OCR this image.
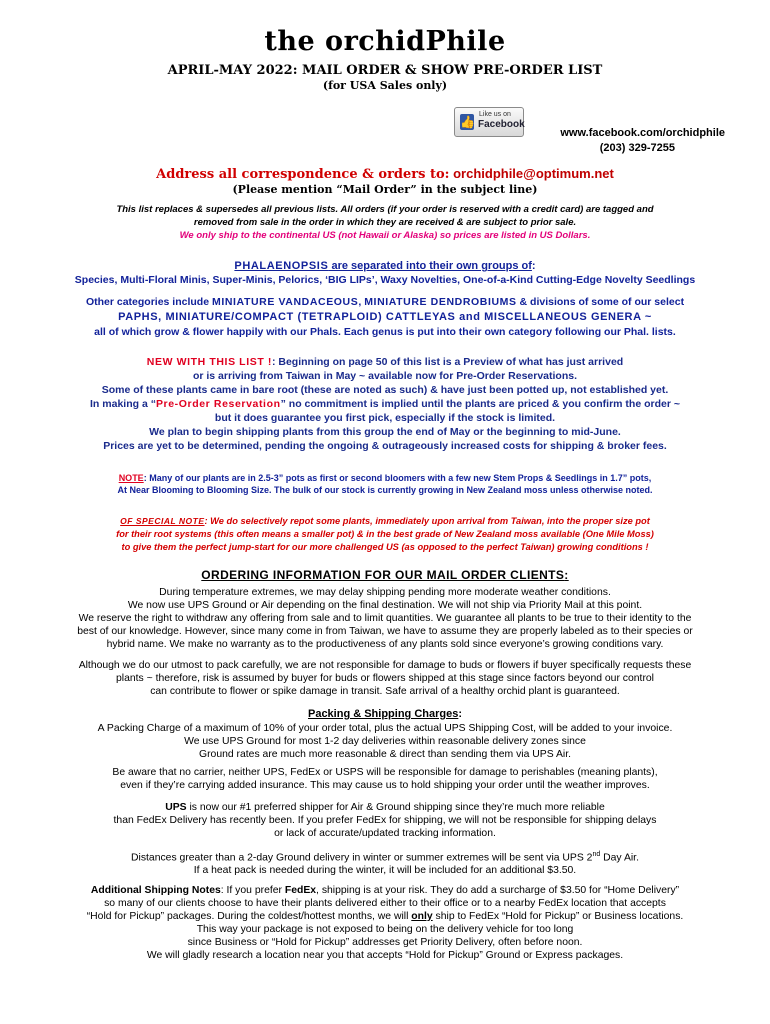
the orchidPhile
APRIL-MAY 2022: MAIL ORDER & SHOW PRE-ORDER LIST
(for USA Sales only)
👍
Like us on
Facebook
www.facebook.com/orchidphile
(203) 329-7255
Address all correspondence & orders to: orchidphile@optimum.net
(Please mention “Mail Order” in the subject line)
This list replaces & supersedes all previous lists. All orders (if your order is reserved with a credit card) are tagged and
removed from sale in the order in which they are received & are subject to prior sale.
We only ship to the continental US (not Hawaii or Alaska) so prices are listed in US Dollars.
PHALAENOPSIS are separated into their own groups of:
Species, Multi-Floral Minis, Super-Minis, Pelorics, ‘BIG LIPs’, Waxy Novelties, One-of-a-Kind Cutting-Edge Novelty Seedlings
Other categories include MINIATURE VANDACEOUS, MINIATURE DENDROBIUMS & divisions of some of our select
PAPHS, MINIATURE/COMPACT (TETRAPLOID) CATTLEYAS and MISCELLANEOUS GENERA ~
all of which grow & flower happily with our Phals. Each genus is put into their own category following our Phal. lists.
NEW WITH THIS LIST !: Beginning on page 50 of this list is a Preview of what has just arrived
or is arriving from Taiwan in May ~ available now for Pre-Order Reservations.
Some of these plants came in bare root (these are noted as such) & have just been potted up, not established yet.
In making a “Pre-Order Reservation” no commitment is implied until the plants are priced & you confirm the order ~
but it does guarantee you first pick, especially if the stock is limited.
We plan to begin shipping plants from this group the end of May or the beginning to mid-June.
Prices are yet to be determined, pending the ongoing & outrageously increased costs for shipping & broker fees.
NOTE: Many of our plants are in 2.5-3” pots as first or second bloomers with a few new Stem Props & Seedlings in 1.7” pots,
At Near Blooming to Blooming Size. The bulk of our stock is currently growing in New Zealand moss unless otherwise noted.
OF SPECIAL NOTE: We do selectively repot some plants, immediately upon arrival from Taiwan, into the proper size pot
for their root systems (this often means a smaller pot) & in the best grade of New Zealand moss available (One Mile Moss)
to give them the perfect jump-start for our more challenged US (as opposed to the perfect Taiwan) growing conditions !
ORDERING INFORMATION FOR OUR MAIL ORDER CLIENTS:
During temperature extremes, we may delay shipping pending more moderate weather conditions.
We now use UPS Ground or Air depending on the final destination. We will not ship via Priority Mail at this point.
We reserve the right to withdraw any offering from sale and to limit quantities. We guarantee all plants to be true to their identity to the
best of our knowledge. However, since many come in from Taiwan, we have to assume they are properly labeled as to their species or
hybrid name. We make no warranty as to the productiveness of any plants sold since everyone’s growing conditions vary.
Although we do our utmost to pack carefully, we are not responsible for damage to buds or flowers if buyer specifically requests these
plants ~ therefore, risk is assumed by buyer for buds or flowers shipped at this stage since factors beyond our control
can contribute to flower or spike damage in transit. Safe arrival of a healthy orchid plant is guaranteed.
Packing & Shipping Charges:
A Packing Charge of a maximum of 10% of your order total, plus the actual UPS Shipping Cost, will be added to your invoice.
We use UPS Ground for most 1-2 day deliveries within reasonable delivery zones since
Ground rates are much more reasonable & direct than sending them via UPS Air.
Be aware that no carrier, neither UPS, FedEx or USPS will be responsible for damage to perishables (meaning plants),
even if they’re carrying added insurance. This may cause us to hold shipping your order until the weather improves.
UPS is now our #1 preferred shipper for Air & Ground shipping since they’re much more reliable
than FedEx Delivery has recently been. If you prefer FedEx for shipping, we will not be responsible for shipping delays
or lack of accurate/updated tracking information.
Distances greater than a 2-day Ground delivery in winter or summer extremes will be sent via UPS 2nd Day Air.
If a heat pack is needed during the winter, it will be included for an additional $3.50.
Additional Shipping Notes: If you prefer FedEx, shipping is at your risk. They do add a surcharge of $3.50 for “Home Delivery”
so many of our clients choose to have their plants delivered either to their office or to a nearby FedEx location that accepts
“Hold for Pickup” packages. During the coldest/hottest months, we will only ship to FedEx “Hold for Pickup” or Business locations.
This way your package is not exposed to being on the delivery vehicle for too long
since Business or “Hold for Pickup” addresses get Priority Delivery, often before noon.
We will gladly research a location near you that accepts “Hold for Pickup” Ground or Express packages.
